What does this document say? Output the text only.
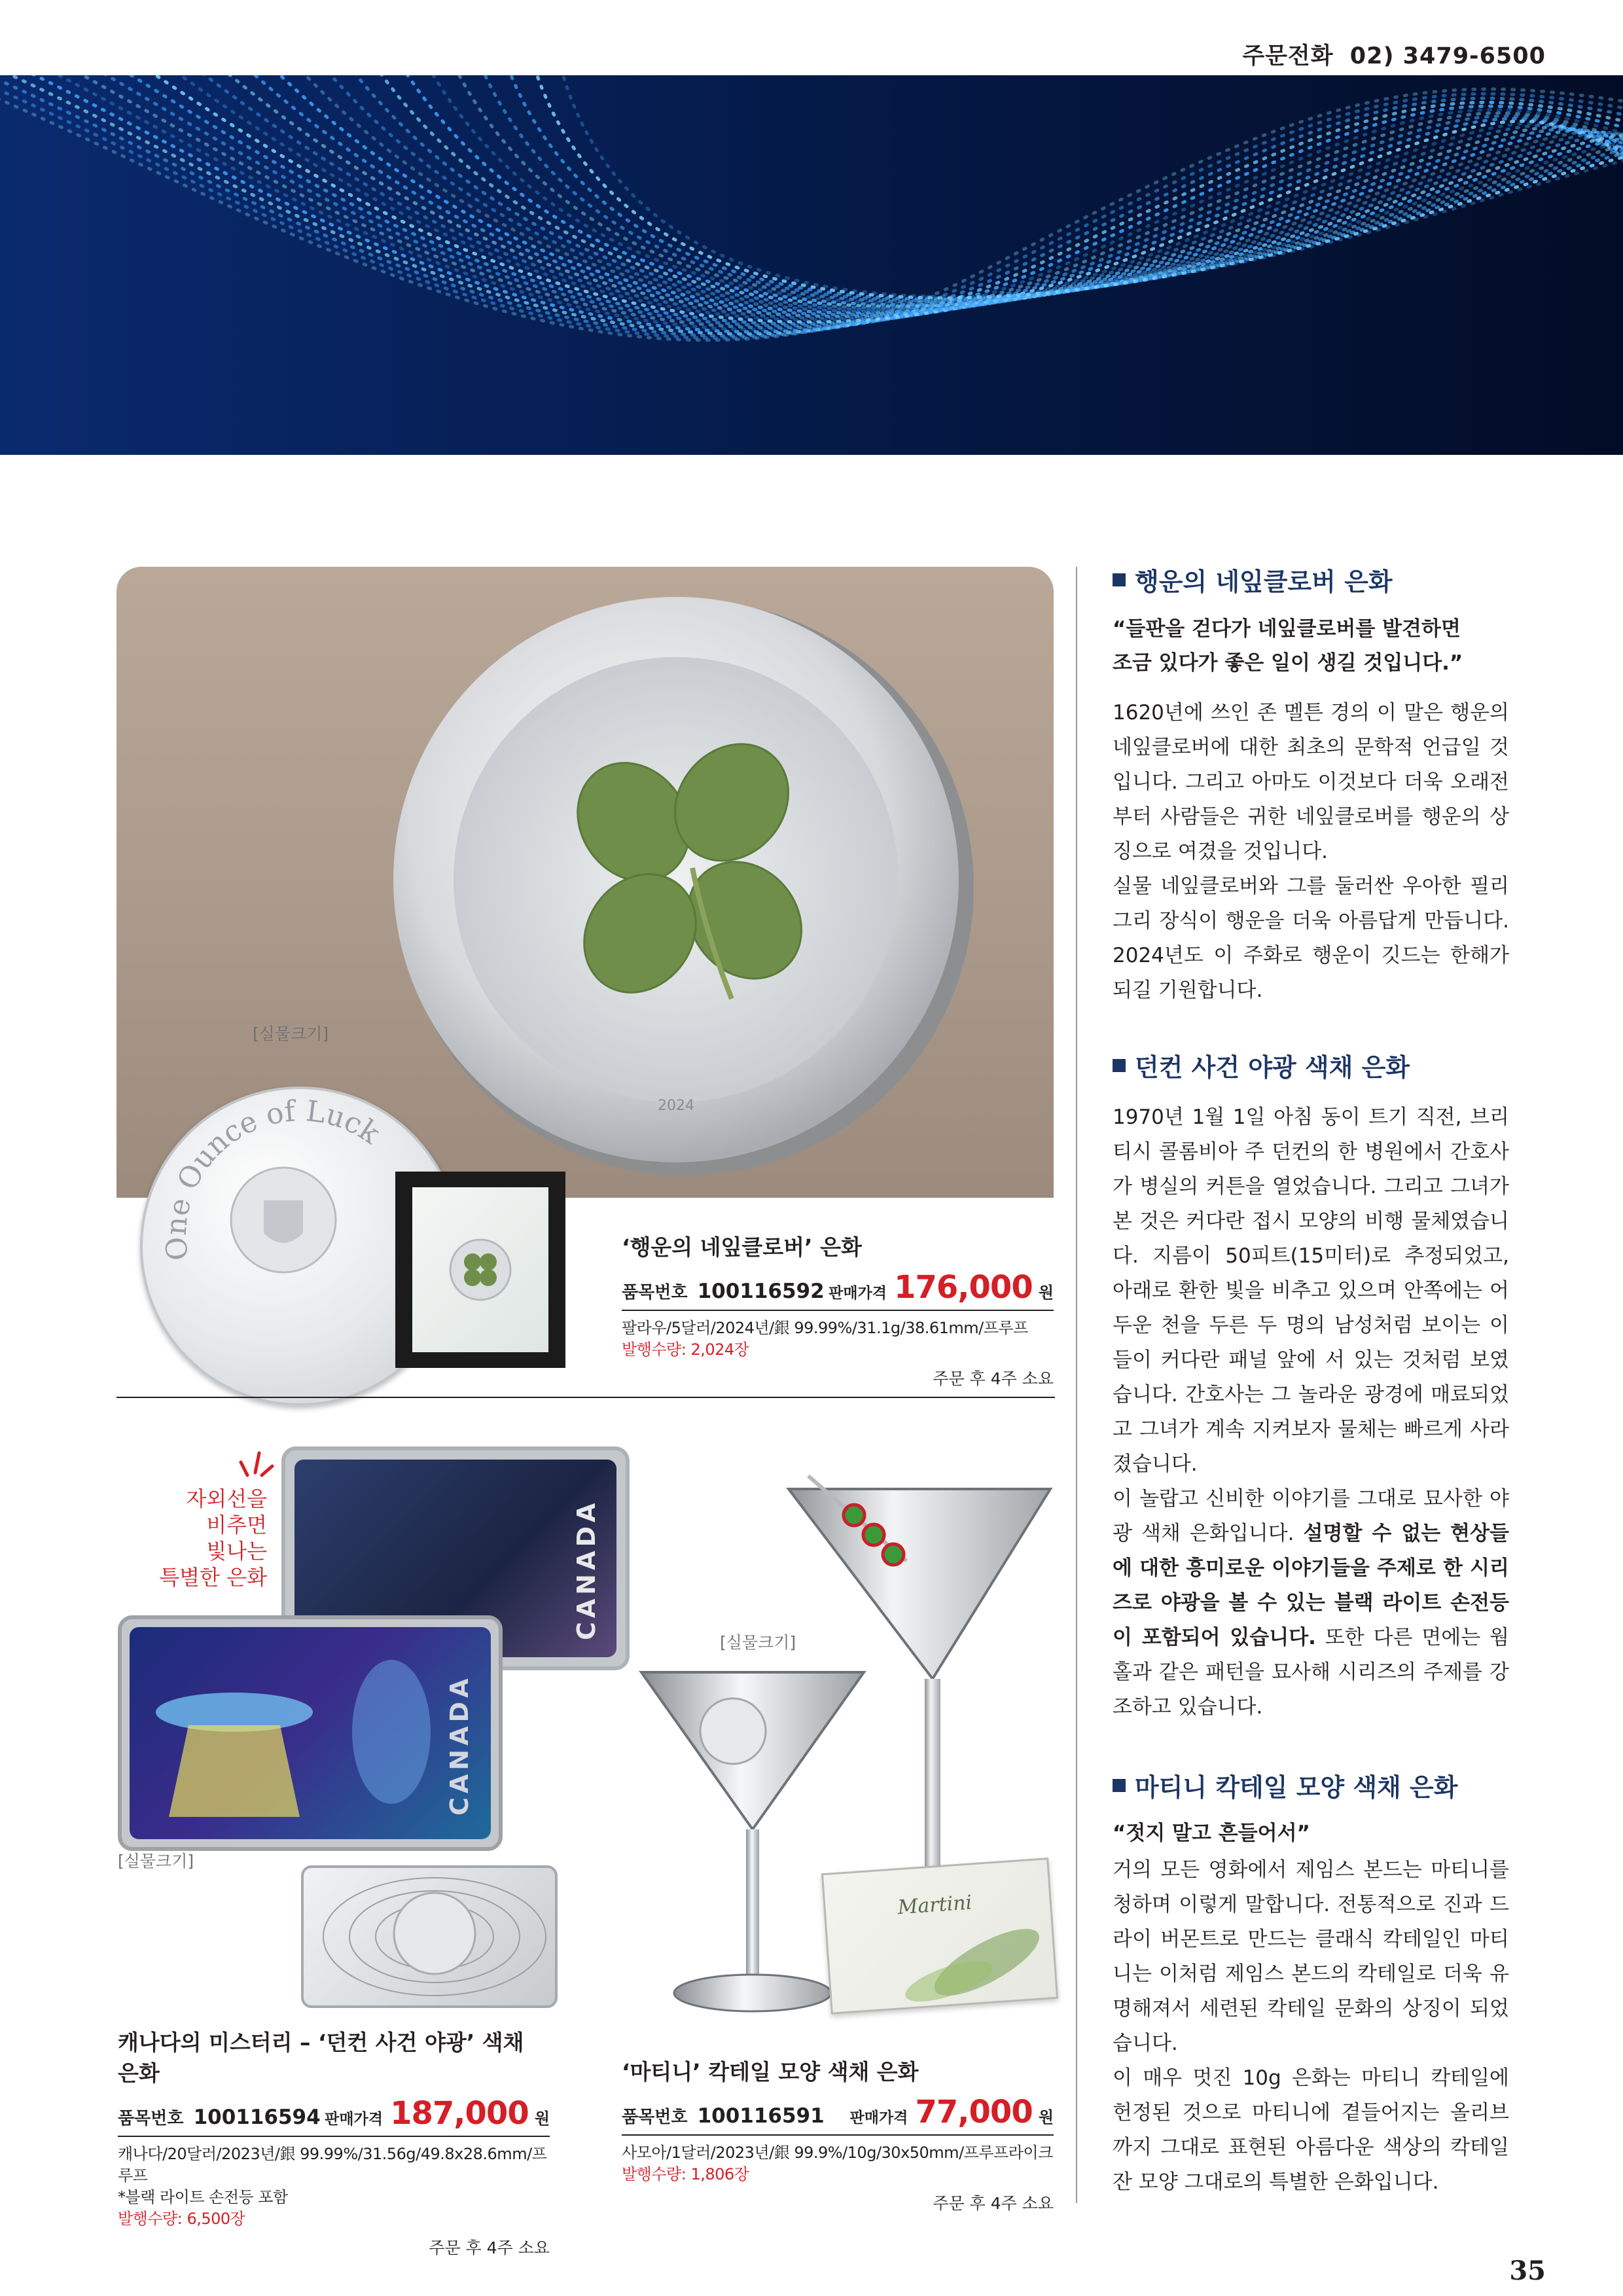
주문전화 02) 3479-6500
2024
[실물크기]
One Ounce of Luck
‘행운의 네잎클로버’ 은화
품목번호 100116592 판매가격 176,000 원
팔라우/5달러/2024년/銀 99.99%/31.1g/38.61mm/프루프
발행수량: 2,024장
주문 후 4주 소요
자외선을
비추면
빛나는
특별한 은화	CANADA
CANADA
[실물크기]
캐나다의 미스터리 – ‘던컨 사건 야광’ 색채 은화
품목번호 100116594 판매가격 187,000 원
캐나다/20달러/2023년/銀 99.99%/31.56g/49.8x28.6mm/프루프
*블랙 라이트 손전등 포함
발행수량: 6,500장
주문 후 4주 소요
[실물크기]
Martini
‘마티니’ 칵테일 모양 색채 은화
품목번호 100116591 판매가격 77,000 원
사모아/1달러/2023년/銀 99.9%/10g/30x50mm/프루프라이크
발행수량: 1,806장
주문 후 4주 소요
행운의 네잎클로버 은화
“들판을 걷다가 네잎클로버를 발견하면
조금 있다가 좋은 일이 생길 것입니다.”
1620년에 쓰인 존 멜튼 경의 이 말은 행운의 네잎클로버에 대한 최초의 문학적 언급일 것입니다. 그리고 아마도 이것보다 더욱 오래전부터 사람들은 귀한 네잎클로버를 행운의 상징으로 여겼을 것입니다.
실물 네잎클로버와 그를 둘러싼 우아한 필리그리 장식이 행운을 더욱 아름답게 만듭니다. 2024년도 이 주화로 행운이 깃드는 한해가 되길 기원합니다.
던컨 사건 야광 색채 은화
1970년 1월 1일 아침 동이 트기 직전, 브리티시 콜롬비아 주 던컨의 한 병원에서 간호사가 병실의 커튼을 열었습니다. 그리고 그녀가 본 것은 커다란 접시 모양의 비행 물체였습니다. 지름이 50피트(15미터)로 추정되었고, 아래로 환한 빛을 비추고 있으며 안쪽에는 어두운 천을 두른 두 명의 남성처럼 보이는 이들이 커다란 패널 앞에 서 있는 것처럼 보였습니다. 간호사는 그 놀라운 광경에 매료되었고 그녀가 계속 지켜보자 물체는 빠르게 사라졌습니다.
이 놀랍고 신비한 이야기를 그대로 묘사한 야광 색채 은화입니다. 설명할 수 없는 현상들에 대한 흥미로운 이야기들을 주제로 한 시리즈로 야광을 볼 수 있는 블랙 라이트 손전등이 포함되어 있습니다. 또한 다른 면에는 웜홀과 같은 패턴을 묘사해 시리즈의 주제를 강조하고 있습니다.
마티니 칵테일 모양 색채 은화
“젓지 말고 흔들어서”
거의 모든 영화에서 제임스 본드는 마티니를 청하며 이렇게 말합니다. 전통적으로 진과 드라이 버몬트로 만드는 클래식 칵테일인 마티니는 이처럼 제임스 본드의 칵테일로 더욱 유명해져서 세련된 칵테일 문화의 상징이 되었습니다.
이 매우 멋진 10g 은화는 마티니 칵테일에 헌정된 것으로 마티니에 곁들어지는 올리브까지 그대로 표현된 아름다운 색상의 칵테일 잔 모양 그대로의 특별한 은화입니다.
35
